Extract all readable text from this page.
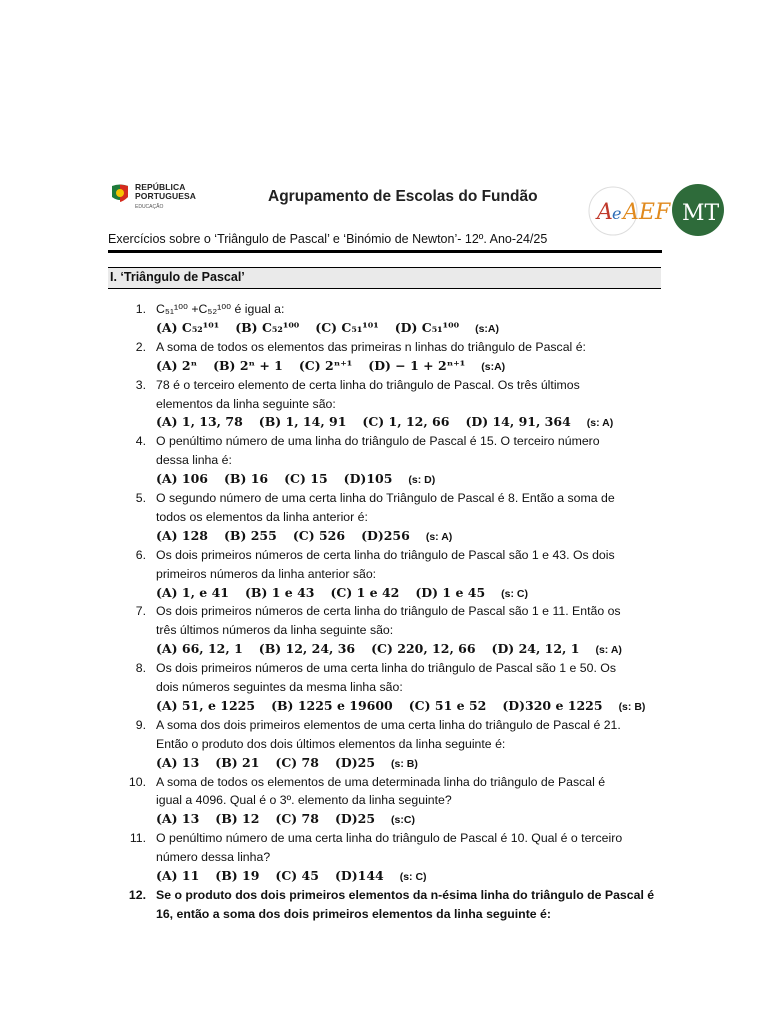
REPÚBLICA
PORTUGUESA
EDUCAÇÃO
Agrupamento de Escolas do Fundão
A e AEF MT
Exercícios sobre o ‘Triângulo de Pascal’ e ‘Binómio de Newton’- 12º. Ano-24/25
I. ‘Triângulo de Pascal’
1. C₅₁¹⁰⁰ +C₅₂¹⁰⁰ é igual a:
(A) C₅₂¹⁰¹ (B) C₅₂¹⁰⁰ (C) C₅₁¹⁰¹ (D) C₅₁¹⁰⁰ (s:A)
2. A soma de todos os elementos das primeiras n linhas do triângulo de Pascal é:
(A) 2ⁿ (B) 2ⁿ + 1 (C) 2ⁿ⁺¹ (D) − 1 + 2ⁿ⁺¹ (s:A)
3. 78 é o terceiro elemento de certa linha do triângulo de Pascal. Os três últimos
elementos da linha seguinte são:
(A) 1, 13, 78 (B) 1, 14, 91 (C) 1, 12, 66 (D) 14, 91, 364 (s: A)
4. O penúltimo número de uma linha do triângulo de Pascal é 15. O terceiro número
dessa linha é:
(A) 106 (B) 16 (C) 15 (D)105 (s: D)
5. O segundo número de uma certa linha do Triângulo de Pascal é 8. Então a soma de
todos os elementos da linha anterior é:
(A) 128 (B) 255 (C) 526 (D)256 (s: A)
6. Os dois primeiros números de certa linha do triângulo de Pascal são 1 e 43. Os dois
primeiros números da linha anterior são:
(A) 1, e 41 (B) 1 e 43 (C) 1 e 42 (D) 1 e 45 (s: C)
7. Os dois primeiros números de certa linha do triângulo de Pascal são 1 e 11. Então os
três últimos números da linha seguinte são:
(A) 66, 12, 1 (B) 12, 24, 36 (C) 220, 12, 66 (D) 24, 12, 1 (s: A)
8. Os dois primeiros números de uma certa linha do triângulo de Pascal são 1 e 50. Os
dois números seguintes da mesma linha são:
(A) 51, e 1225 (B) 1225 e 19600 (C) 51 e 52 (D)320 e 1225 (s: B)
9. A soma dos dois primeiros elementos de uma certa linha do triângulo de Pascal é 21.
Então o produto dos dois últimos elementos da linha seguinte é:
(A) 13 (B) 21 (C) 78 (D)25 (s: B)
10. A soma de todos os elementos de uma determinada linha do triângulo de Pascal é
igual a 4096. Qual é o 3º. elemento da linha seguinte?
(A) 13 (B) 12 (C) 78 (D)25 (s:C)
11. O penúltimo número de uma certa linha do triângulo de Pascal é 10. Qual é o terceiro
número dessa linha?
(A) 11 (B) 19 (C) 45 (D)144 (s: C)
12. Se o produto dos dois primeiros elementos da n-ésima linha do triângulo de Pascal é
16, então a soma dos dois primeiros elementos da linha seguinte é:
